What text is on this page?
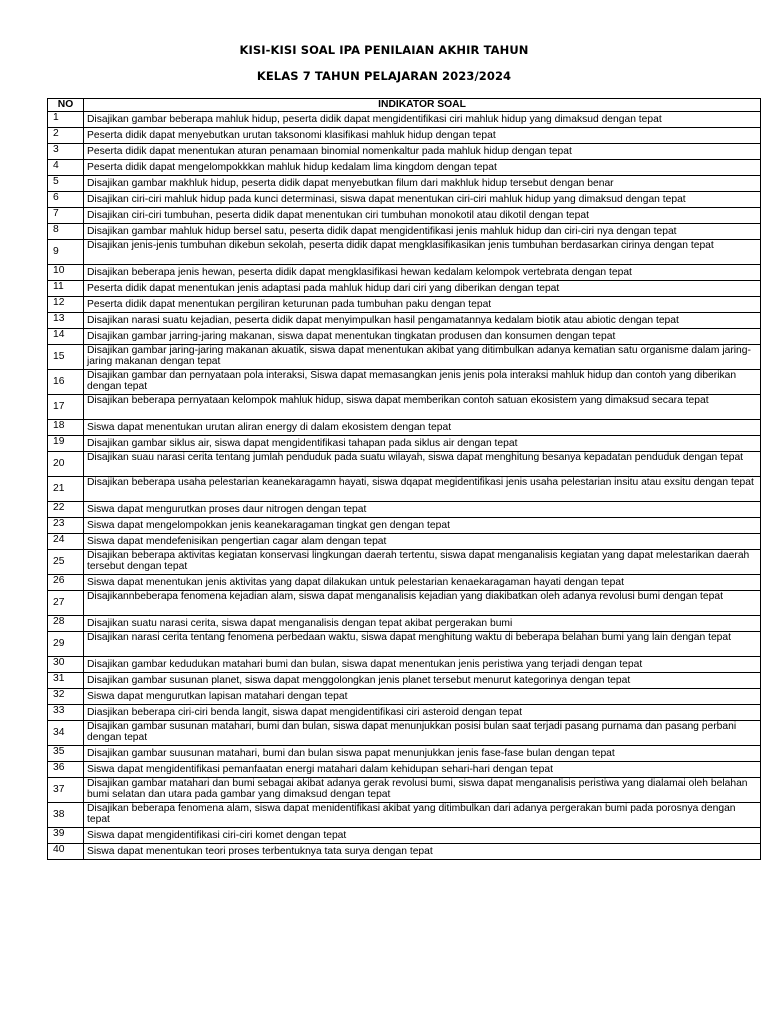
KISI-KISI SOAL IPA PENILAIAN AKHIR TAHUN
KELAS 7 TAHUN PELAJARAN 2023/2024
NO	INDIKATOR SOAL
1	Disajikan gambar beberapa mahluk hidup, peserta didik dapat mengidentifikasi ciri mahluk hidup yang dimaksud dengan tepat
2	Peserta didik dapat menyebutkan urutan taksonomi klasifikasi mahluk hidup dengan tepat
3	Peserta didik dapat menentukan aturan penamaan binomial nomenkaltur pada mahluk hidup dengan tepat
4	Peserta didik dapat mengelompokkkan mahluk hidup kedalam lima kingdom dengan tepat
5	Disajikan gambar makhluk hidup, peserta didik dapat menyebutkan filum dari makhluk hidup tersebut dengan benar
6	Disajikan ciri-ciri mahluk hidup pada kunci determinasi, siswa dapat menentukan ciri-ciri mahluk hidup yang dimaksud dengan tepat
7	Disajikan ciri-ciri tumbuhan, peserta didik dapat menentukan ciri tumbuhan monokotil atau dikotil dengan tepat
8	Disajikan gambar mahluk hidup bersel satu, peserta didik dapat mengidentifikasi jenis mahluk hidup dan ciri-ciri nya dengan tepat
9	Disajikan jenis-jenis tumbuhan dikebun sekolah, peserta didik dapat mengklasifikasikan jenis tumbuhan berdasarkan cirinya dengan tepat
10	Disajikan beberapa jenis hewan, peserta didik dapat mengklasifikasi hewan kedalam kelompok vertebrata dengan tepat
11	Peserta didik dapat menentukan jenis adaptasi pada mahluk hidup dari ciri yang diberikan dengan tepat
12	Peserta didik dapat menentukan pergiliran keturunan pada tumbuhan paku dengan tepat
13	Disajikan narasi suatu kejadian, peserta didik dapat menyimpulkan hasil pengamatannya kedalam biotik atau abiotic dengan tepat
14	Disajikan gambar jarring-jaring makanan, siswa dapat menentukan tingkatan produsen dan konsumen dengan tepat
15	Disajikan gambar jaring-jaring makanan akuatik, siswa dapat menentukan akibat yang ditimbulkan adanya kematian satu organisme dalam jaring-jaring makanan dengan tepat
16	Disajikan gambar dan pernyataan pola interaksi, Siswa dapat memasangkan jenis jenis pola interaksi mahluk hidup dan contoh yang diberikan dengan tepat
17	Disajikan beberapa pernyataan kelompok mahluk hidup, siswa dapat memberikan contoh satuan ekosistem yang dimaksud secara tepat
18	Siswa dapat menentukan urutan aliran energy di dalam ekosistem dengan tepat
19	Disajikan gambar siklus air, siswa dapat mengidentifikasi tahapan pada siklus air dengan tepat
20	Disajikan suau narasi cerita tentang jumlah penduduk pada suatu wilayah, siswa dapat menghitung besanya kepadatan penduduk dengan tepat
21	Disajikan beberapa usaha pelestarian keanekaragamn hayati, siswa dqapat megidentifikasi jenis usaha pelestarian insitu atau exsitu dengan tepat
22	Siswa dapat mengurutkan proses daur nitrogen dengan tepat
23	Siswa dapat mengelompokkan jenis keanekaragaman tingkat gen dengan tepat
24	Siswa dapat mendefenisikan pengertian cagar alam dengan tepat
25	Disajikan beberapa aktivitas kegiatan konservasi lingkungan daerah tertentu, siswa dapat menganalisis kegiatan yang dapat melestarikan daerah tersebut dengan tepat
26	Siswa dapat menentukan jenis aktivitas yang dapat dilakukan untuk pelestarian kenaekaragaman hayati dengan tepat
27	Disajikannbeberapa fenomena kejadian alam, siswa dapat menganalisis kejadian yang diakibatkan oleh adanya revolusi bumi dengan tepat
28	Disajikan suatu narasi cerita, siswa dapat menganalisis dengan tepat akibat pergerakan bumi
29	Disajikan narasi cerita tentang fenomena perbedaan waktu, siswa dapat menghitung waktu di beberapa belahan bumi yang lain dengan tepat
30	Disajikan gambar kedudukan matahari bumi dan bulan, siswa dapat menentukan jenis peristiwa yang terjadi dengan tepat
31	Disajikan gambar susunan planet, siswa dapat menggolongkan jenis planet tersebut menurut kategorinya dengan tepat
32	Siswa dapat mengurutkan lapisan matahari dengan tepat
33	Diasjikan beberapa ciri-ciri benda langit, siswa dapat mengidentifikasi ciri asteroid dengan tepat
34	Disajikan gambar susunan matahari, bumi dan bulan, siswa dapat menunjukkan posisi bulan saat terjadi pasang purnama dan pasang perbani dengan tepat
35	Disajikan gambar suusunan matahari, bumi dan bulan siswa papat menunjukkan jenis fase-fase bulan dengan tepat
36	Siswa dapat mengidentifikasi pemanfaatan energi matahari dalam kehidupan sehari-hari dengan tepat
37	Disajikan gambar matahari dan bumi sebagai akibat adanya gerak revolusi bumi, siswa dapat menganalisis peristiwa yang dialamai oleh belahan bumi selatan dan utara pada gambar yang dimaksud dengan tepat
38	Disajikan beberapa fenomena alam, siswa dapat menidentifikasi akibat yang ditimbulkan dari adanya pergerakan bumi pada porosnya dengan tepat
39	Siswa dapat mengidentifikasi ciri-ciri komet dengan tepat
40	Siswa dapat menentukan teori proses terbentuknya tata surya dengan tepat
